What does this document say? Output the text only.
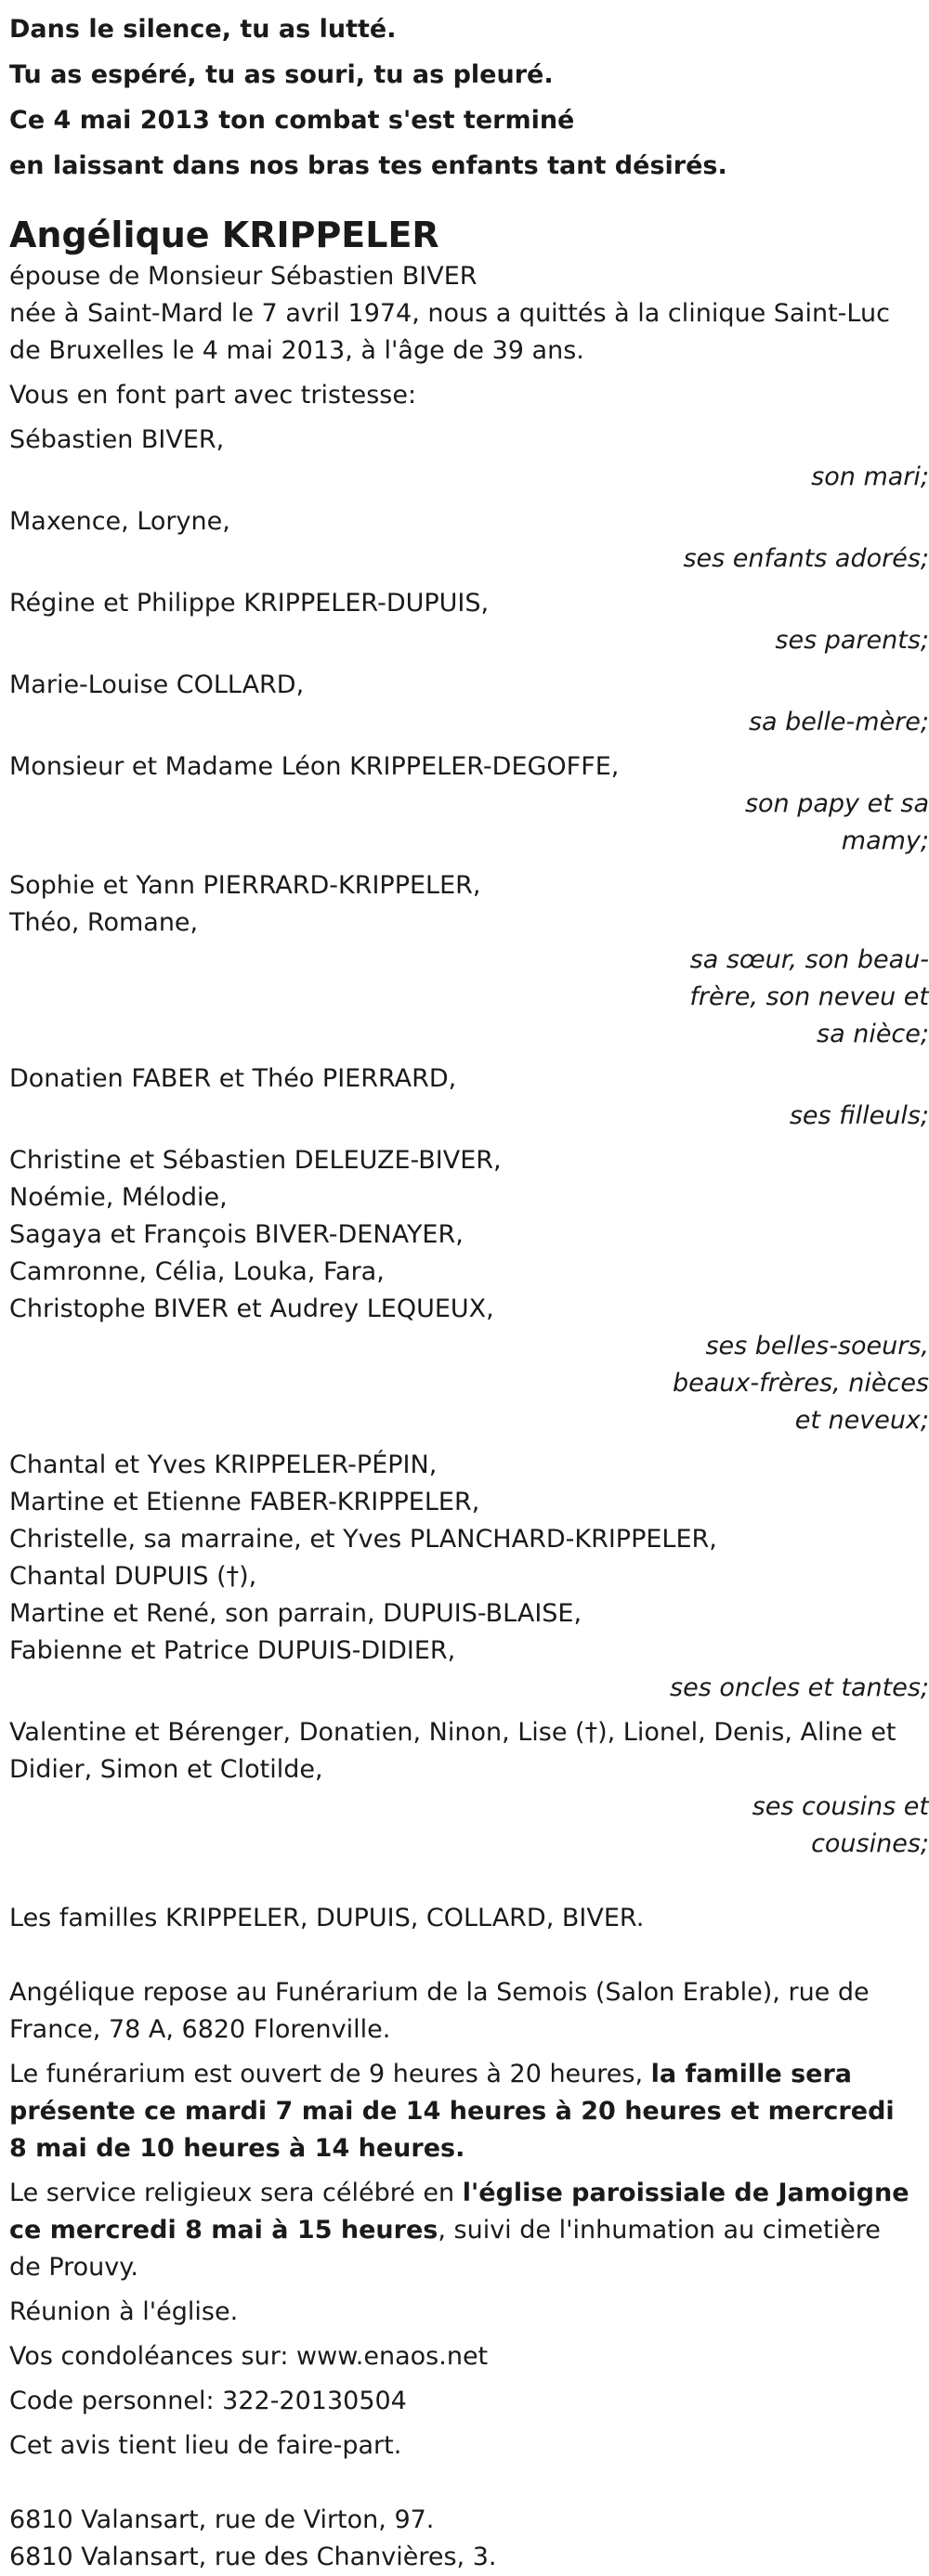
Dans le silence, tu as lutté.
Tu as espéré, tu as souri, tu as pleuré.
Ce 4 mai 2013 ton combat s'est terminé
en laissant dans nos bras tes enfants tant désirés.
Angélique KRIPPELER
épouse de Monsieur Sébastien BIVER
née à Saint-Mard le 7 avril 1974, nous a quittés à la clinique Saint-Luc de Bruxelles le 4 mai 2013, à l'âge de 39 ans.
Vous en font part avec tristesse:
Sébastien BIVER,
son mari;
Maxence, Loryne,
ses enfants adorés;
Régine et Philippe KRIPPELER-DUPUIS,
ses parents;
Marie-Louise COLLARD,
sa belle-mère;
Monsieur et Madame Léon KRIPPELER-DEGOFFE,
son papy et sa mamy;
Sophie et Yann PIERRARD-KRIPPELER,
Théo, Romane,
sa sœur, son beau-frère, son neveu et sa nièce;
Donatien FABER et Théo PIERRARD,
ses filleuls;
Christine et Sébastien DELEUZE-BIVER,
Noémie, Mélodie,
Sagaya et François BIVER-DENAYER,
Camronne, Célia, Louka, Fara,
Christophe BIVER et Audrey LEQUEUX,
ses belles-soeurs, beaux-frères, nièces et neveux;
Chantal et Yves KRIPPELER-PÉPIN,
Martine et Etienne FABER-KRIPPELER,
Christelle, sa marraine, et Yves PLANCHARD-KRIPPELER,
Chantal DUPUIS (†),
Martine et René, son parrain, DUPUIS-BLAISE,
Fabienne et Patrice DUPUIS-DIDIER,
ses oncles et tantes;
Valentine et Bérenger, Donatien, Ninon, Lise (†), Lionel, Denis, Aline et
Didier, Simon et Clotilde,
ses cousins et cousines;
Les familles KRIPPELER, DUPUIS, COLLARD, BIVER.
Angélique repose au Funérarium de la Semois (Salon Erable), rue de France, 78 A, 6820 Florenville.
Le funérarium est ouvert de 9 heures à 20 heures, la famille sera présente ce mardi 7 mai de 14 heures à 20 heures et mercredi 8 mai de 10 heures à 14 heures.
Le service religieux sera célébré en l'église paroissiale de Jamoigne ce mercredi 8 mai à 15 heures, suivi de l'inhumation au cimetière de Prouvy.
Réunion à l'église.
Vos condoléances sur: www.enaos.net
Code personnel: 322-20130504
Cet avis tient lieu de faire-part.
6810 Valansart, rue de Virton, 97.
6810 Valansart, rue des Chanvières, 3.
